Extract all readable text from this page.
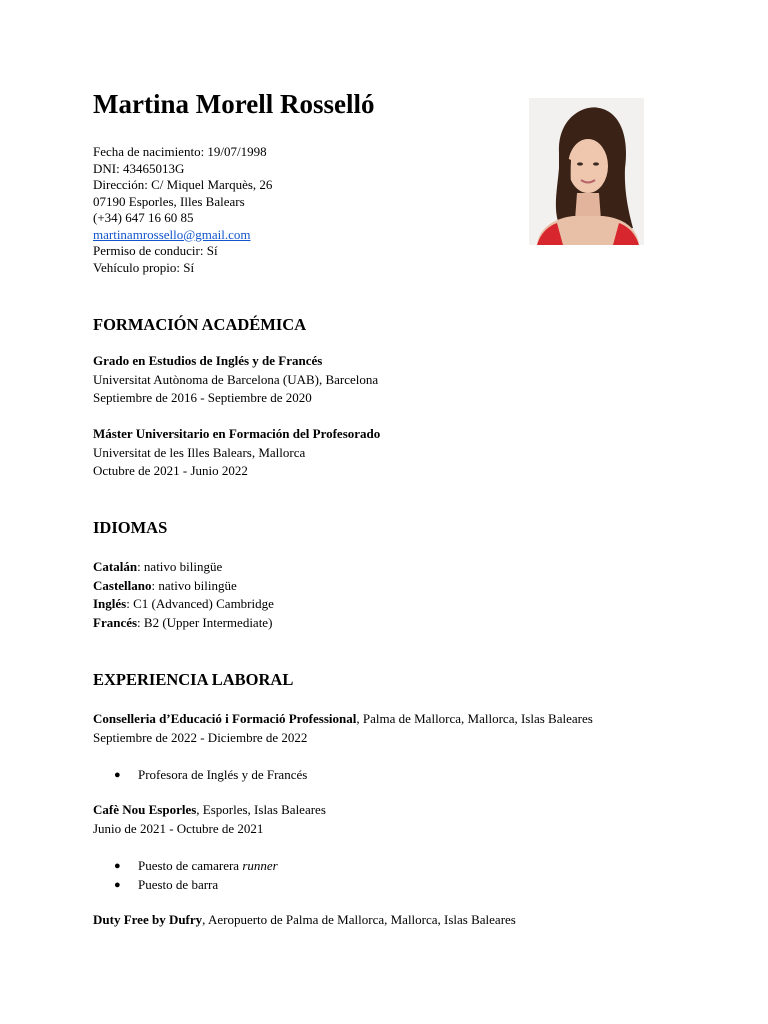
Martina Morell Rosselló
Fecha de nacimiento: 19/07/1998
DNI: 43465013G
Dirección: C/ Miquel Marquès, 26
07190 Esporles, Illes Balears
(+34) 647 16 60 85
martinamrossello@gmail.com
Permiso de conducir: Sí
Vehículo propio: Sí
FORMACIÓN ACADÉMICA
Grado en Estudios de Inglés y de Francés
Universitat Autònoma de Barcelona (UAB), Barcelona
Septiembre de 2016 - Septiembre de 2020
Máster Universitario en Formación del Profesorado
Universitat de les Illes Balears, Mallorca
Octubre de 2021 - Junio 2022
IDIOMAS
Catalán: nativo bilingüe
Castellano: nativo bilingüe
Inglés: C1 (Advanced) Cambridge
Francés: B2 (Upper Intermediate)
EXPERIENCIA LABORAL
Conselleria d’Educació i Formació Professional, Palma de Mallorca, Mallorca, Islas Baleares
Septiembre de 2022 - Diciembre de 2022
● Profesora de Inglés y de Francés
Cafè Nou Esporles, Esporles, Islas Baleares
Junio de 2021 - Octubre de 2021
● Puesto de camarera runner
● Puesto de barra
Duty Free by Dufry, Aeropuerto de Palma de Mallorca, Mallorca, Islas Baleares
